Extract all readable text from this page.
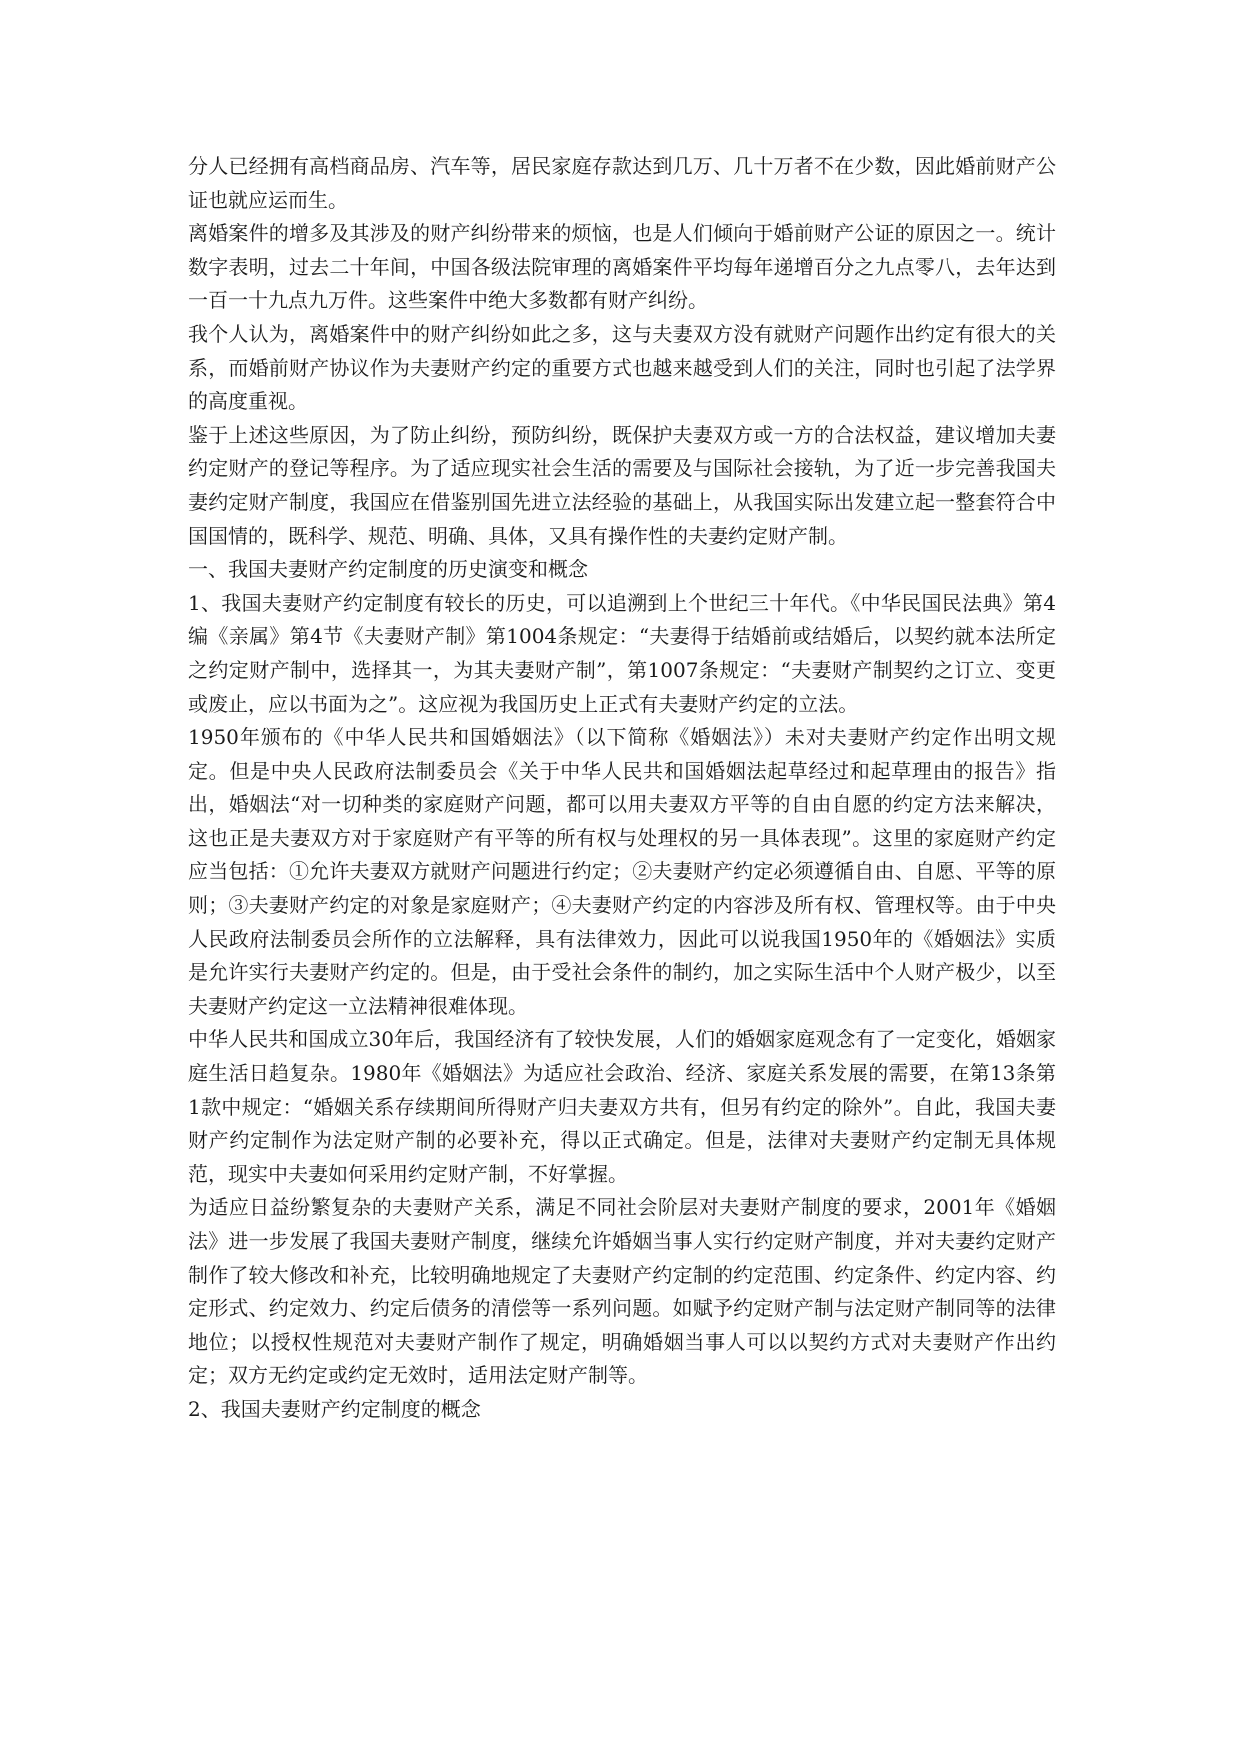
分人已经拥有高档商品房、汽车等，居民家庭存款达到几万、几十万者不在少数，因此婚前财产公证也就应运而生。

离婚案件的增多及其涉及的财产纠纷带来的烦恼，也是人们倾向于婚前财产公证的原因之一。统计数字表明，过去二十年间，中国各级法院审理的离婚案件平均每年递增百分之九点零八，去年达到一百一十九点九万件。这些案件中绝大多数都有财产纠纷。

我个人认为，离婚案件中的财产纠纷如此之多，这与夫妻双方没有就财产问题作出约定有很大的关系，而婚前财产协议作为夫妻财产约定的重要方式也越来越受到人们的关注，同时也引起了法学界的高度重视。

鉴于上述这些原因，为了防止纠纷，预防纠纷，既保护夫妻双方或一方的合法权益，建议增加夫妻约定财产的登记等程序。为了适应现实社会生活的需要及与国际社会接轨，为了近一步完善我国夫妻约定财产制度，我国应在借鉴别国先进立法经验的基础上，从我国实际出发建立起一整套符合中国国情的，既科学、规范、明确、具体，又具有操作性的夫妻约定财产制。

一、我国夫妻财产约定制度的历史演变和概念

1、我国夫妻财产约定制度有较长的历史，可以追溯到上个世纪三十年代。《中华民国民法典》第4编《亲属》第4节《夫妻财产制》第1004条规定：“夫妻得于结婚前或结婚后，以契约就本法所定之约定财产制中，选择其一，为其夫妻财产制”，第1007条规定：“夫妻财产制契约之订立、变更或废止，应以书面为之”。这应视为我国历史上正式有夫妻财产约定的立法。

1950年颁布的《中华人民共和国婚姻法》（以下简称《婚姻法》）未对夫妻财产约定作出明文规定。但是中央人民政府法制委员会《关于中华人民共和国婚姻法起草经过和起草理由的报告》指出，婚姻法“对一切种类的家庭财产问题，都可以用夫妻双方平等的自由自愿的约定方法来解决，这也正是夫妻双方对于家庭财产有平等的所有权与处理权的另一具体表现”。这里的家庭财产约定应当包括：①允许夫妻双方就财产问题进行约定；②夫妻财产约定必须遵循自由、自愿、平等的原则；③夫妻财产约定的对象是家庭财产；④夫妻财产约定的内容涉及所有权、管理权等。由于中央人民政府法制委员会所作的立法解释，具有法律效力，因此可以说我国1950年的《婚姻法》实质是允许实行夫妻财产约定的。但是，由于受社会条件的制约，加之实际生活中个人财产极少，以至夫妻财产约定这一立法精神很难体现。

中华人民共和国成立30年后，我国经济有了较快发展，人们的婚姻家庭观念有了一定变化，婚姻家庭生活日趋复杂。1980年《婚姻法》为适应社会政治、经济、家庭关系发展的需要，在第13条第1款中规定：“婚姻关系存续期间所得财产归夫妻双方共有，但另有约定的除外”。自此，我国夫妻财产约定制作为法定财产制的必要补充，得以正式确定。但是，法律对夫妻财产约定制无具体规范，现实中夫妻如何采用约定财产制，不好掌握。

为适应日益纷繁复杂的夫妻财产关系，满足不同社会阶层对夫妻财产制度的要求，2001年《婚姻法》进一步发展了我国夫妻财产制度，继续允许婚姻当事人实行约定财产制度，并对夫妻约定财产制作了较大修改和补充，比较明确地规定了夫妻财产约定制的约定范围、约定条件、约定内容、约定形式、约定效力、约定后债务的清偿等一系列问题。如赋予约定财产制与法定财产制同等的法律地位；以授权性规范对夫妻财产制作了规定，明确婚姻当事人可以以契约方式对夫妻财产作出约定；双方无约定或约定无效时，适用法定财产制等。

2、我国夫妻财产约定制度的概念
